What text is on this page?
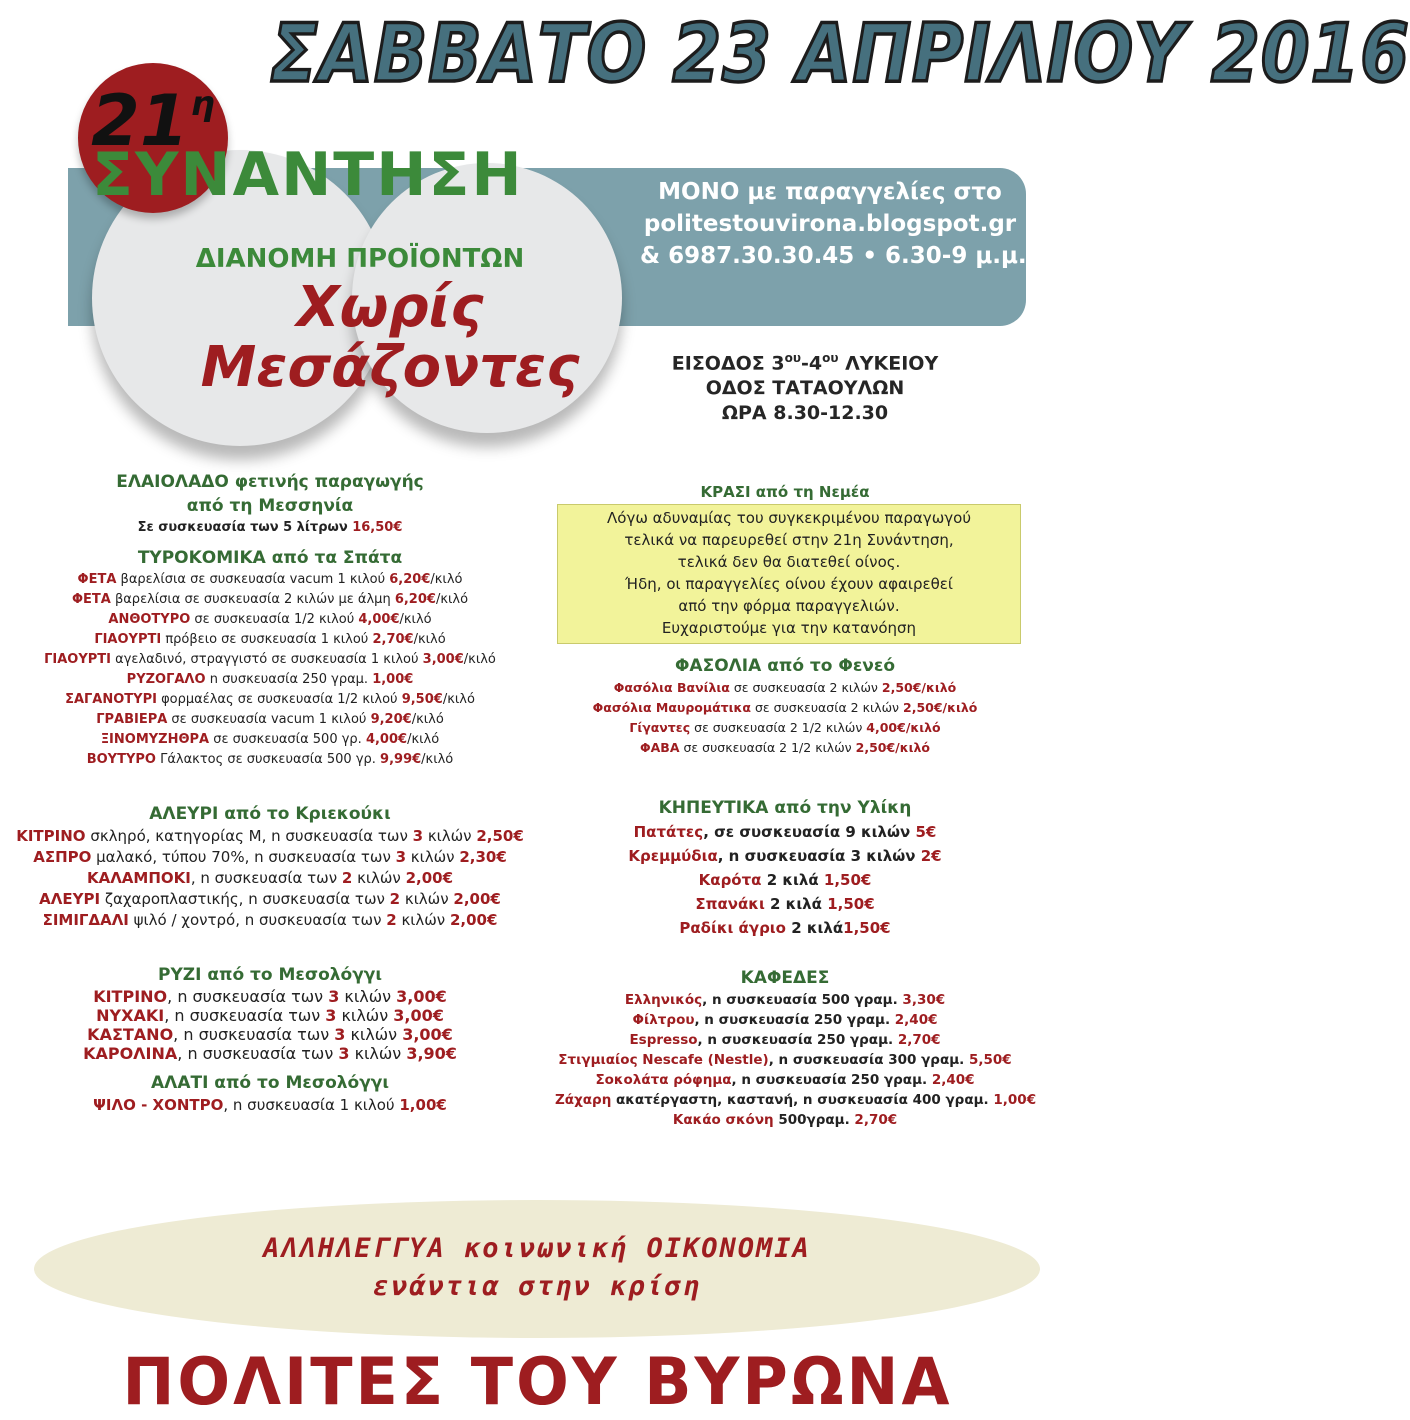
$21^\eta$
ΣΑΒΒΑΤΟ 23 ΑΠΡΙΛΙΟΥ 2016
ΣΥΝΑΝΤΗΣΗ
ΔΙΑΝΟΜΗ ΠΡΟΪΟΝΤΩΝ
Χωρίς
Μεσάζοντες
ΜΟΝΟ με παραγγελίες στο
politestouvirona.blogspot.gr
& 6987.30.30.45 • 6.30-9 μ.μ.
ΕΙΣΟΔΟΣ $3^{o\upsilon}-4^{o\upsilon}$ ΛΥΚΕΙΟΥ
ΟΔΟΣ ΤΑΤΑΟΥΛΩΝ
ΩΡΑ 8.30-12.30
ΕΛΑΙΟΛΑΔΟ φετινής παραγωγής
από τη Μεσσηνία
Σε συσκευασία των 5 λίτρων 16,50€
ΤΥΡΟΚΟΜΙΚΑ από τα Σπάτα
ΦΕΤΑ βαρελίσια σε συσκευασία vacum 1 κιλού 6,20€/κιλό
ΦΕΤΑ βαρελίσια σε συσκευασία 2 κιλών με άλμη 6,20€/κιλό
ΑΝΘΟΤΥΡΟ σε συσκευασία 1/2 κιλού 4,00€/κιλό
ΓΙΑΟΥΡΤΙ πρόβειο σε συσκευασία 1 κιλού 2,70€/κιλό
ΓΙΑΟΥΡΤΙ αγελαδινό, στραγγιστό σε συσκευασία 1 κιλού 3,00€/κιλό
ΡΥΖΟΓΑΛΟ n συσκευασία 250 γραμ. 1,00€
ΣΑΓΑΝΟΤΥΡΙ φορμαέλας σε συσκευασία 1/2 κιλού 9,50€/κιλό
ΓΡΑΒΙΕΡΑ σε συσκευασία vacum 1 κιλού 9,20€/κιλό
ΞΙΝΟΜΥΖΗΘΡΑ σε συσκευασία 500 γρ. 4,00€/κιλό
ΒΟΥΤΥΡΟ Γάλακτος σε συσκευασία 500 γρ. 9,99€/κιλό
ΑΛΕΥΡΙ από το Κριεκούκι
ΚΙΤΡΙΝΟ σκληρό, κατηγορίας Μ, n συσκευασία των 3 κιλών 2,50€
ΑΣΠΡΟ μαλακό, τύπου 70%, n συσκευασία των 3 κιλών 2,30€
ΚΑΛΑΜΠΟΚΙ, n συσκευασία των 2 κιλών 2,00€
ΑΛΕΥΡΙ ζαχαροπλαστικής, n συσκευασία των 2 κιλών 2,00€
ΣΙΜΙΓΔΑΛΙ ψιλό / χοντρό, n συσκευασία των 2 κιλών 2,00€
ΡΥΖΙ από το Μεσολόγγι
ΚΙΤΡΙΝΟ, n συσκευασία των 3 κιλών 3,00€
ΝΥΧΑΚΙ, n συσκευασία των 3 κιλών 3,00€
ΚΑΣΤΑΝΟ, n συσκευασία των 3 κιλών 3,00€
ΚΑΡΟΛΙΝΑ, n συσκευασία των 3 κιλών 3,90€
ΑΛΑΤΙ από το Μεσολόγγι
ΨΙΛΟ - ΧΟΝΤΡΟ, n συσκευασία 1 κιλού 1,00€
ΚΡΑΣΙ από τη Νεμέα
Λόγω αδυναμίας του συγκεκριμένου παραγωγού
τελικά να παρευρεθεί στην 21η Συνάντηση,
τελικά δεν θα διατεθεί οίνος.
Ήδη, οι παραγγελίες οίνου έχουν αφαιρεθεί
από την φόρμα παραγγελιών.
Ευχαριστούμε για την κατανόηση
ΦΑΣΟΛΙΑ από το Φενεό
Φασόλια Βανίλια σε συσκευασία 2 κιλών 2,50€/κιλό
Φασόλια Μαυρομάτικα σε συσκευασία 2 κιλών 2,50€/κιλό
Γίγαντες σε συσκευασία 2 1/2 κιλών 4,00€/κιλό
ΦΑΒΑ σε συσκευασία 2 1/2 κιλών 2,50€/κιλό
ΚΗΠΕΥΤΙΚΑ από την Υλίκη
Πατάτες, σε συσκευασία 9 κιλών 5€
Κρεμμύδια, n συσκευασία 3 κιλών 2€
Καρότα 2 κιλά 1,50€
Σπανάκι 2 κιλά 1,50€
Ραδίκι άγριο 2 κιλά1,50€
ΚΑΦΕΔΕΣ
Ελληνικός, n συσκευασία 500 γραμ. 3,30€
Φίλτρου, n συσκευασία 250 γραμ. 2,40€
Espresso, n συσκευασία 250 γραμ. 2,70€
Στιγμιαίος Nescafe (Nestle), n συσκευασία 300 γραμ. 5,50€
Σοκολάτα ρόφημα, n συσκευασία 250 γραμ. 2,40€
Ζάχαρη ακατέργαστη, καστανή, n συσκευασία 400 γραμ. 1,00€
Κακάο σκόνη 500γραμ. 2,70€
ΑΛΛΗΛΕΓΓΥΑ κοινωνική ΟΙΚΟΝΟΜΙΑ
ενάντια στην κρίση
ΠΟΛΙΤΕΣ ΤΟΥ ΒΥΡΩΝΑ
